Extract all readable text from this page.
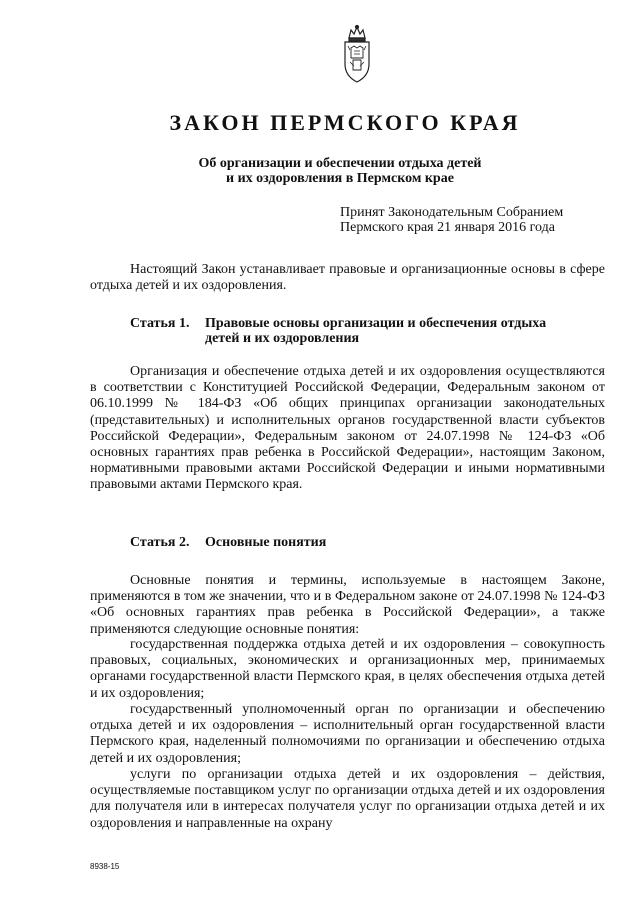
ЗАКОН ПЕРМСКОГО КРАЯ
Об организации и обеспечении отдыха детей
и их оздоровления в Пермском крае
Принят Законодательным Собранием
Пермского края 21 января 2016 года

Настоящий Закон устанавливает правовые и организационные основы в сфере отдыха детей и их оздоровления.

Статья 1. Правовые основы организации и обеспечения отдыха
детей и их оздоровления

Организация и обеспечение отдыха детей и их оздоровления осуществляются в соответствии с Конституцией Российской Федерации, Федеральным законом от 06.10.1999 № 184-ФЗ «Об общих принципах организации законодательных (представительных) и исполнительных органов государственной власти субъектов Российской Федерации», Федеральным законом от 24.07.1998 № 124-ФЗ «Об основных гарантиях прав ребенка в Российской Федерации», настоящим Законом, нормативными правовыми актами Российской Федерации и иными нормативными правовыми актами Пермского края.

Статья 2. Основные понятия

Основные понятия и термины, используемые в настоящем Законе, применяются в том же значении, что и в Федеральном законе от 24.07.1998 № 124-ФЗ «Об основных гарантиях прав ребенка в Российской Федерации», а также применяются следующие основные понятия:

государственная поддержка отдыха детей и их оздоровления – совокупность правовых, социальных, экономических и организационных мер, принимаемых органами государственной власти Пермского края, в целях обеспечения отдыха детей и их оздоровления;

государственный уполномоченный орган по организации и обеспечению отдыха детей и их оздоровления – исполнительный орган государственной власти Пермского края, наделенный полномочиями по организации и обеспечению отдыха детей и их оздоровления;

услуги по организации отдыха детей и их оздоровления – действия, осуществляемые поставщиком услуг по организации отдыха детей и их оздоровления для получателя или в интересах получателя услуг по организации отдыха детей и их оздоровления и направленные на охрану

8938-15
